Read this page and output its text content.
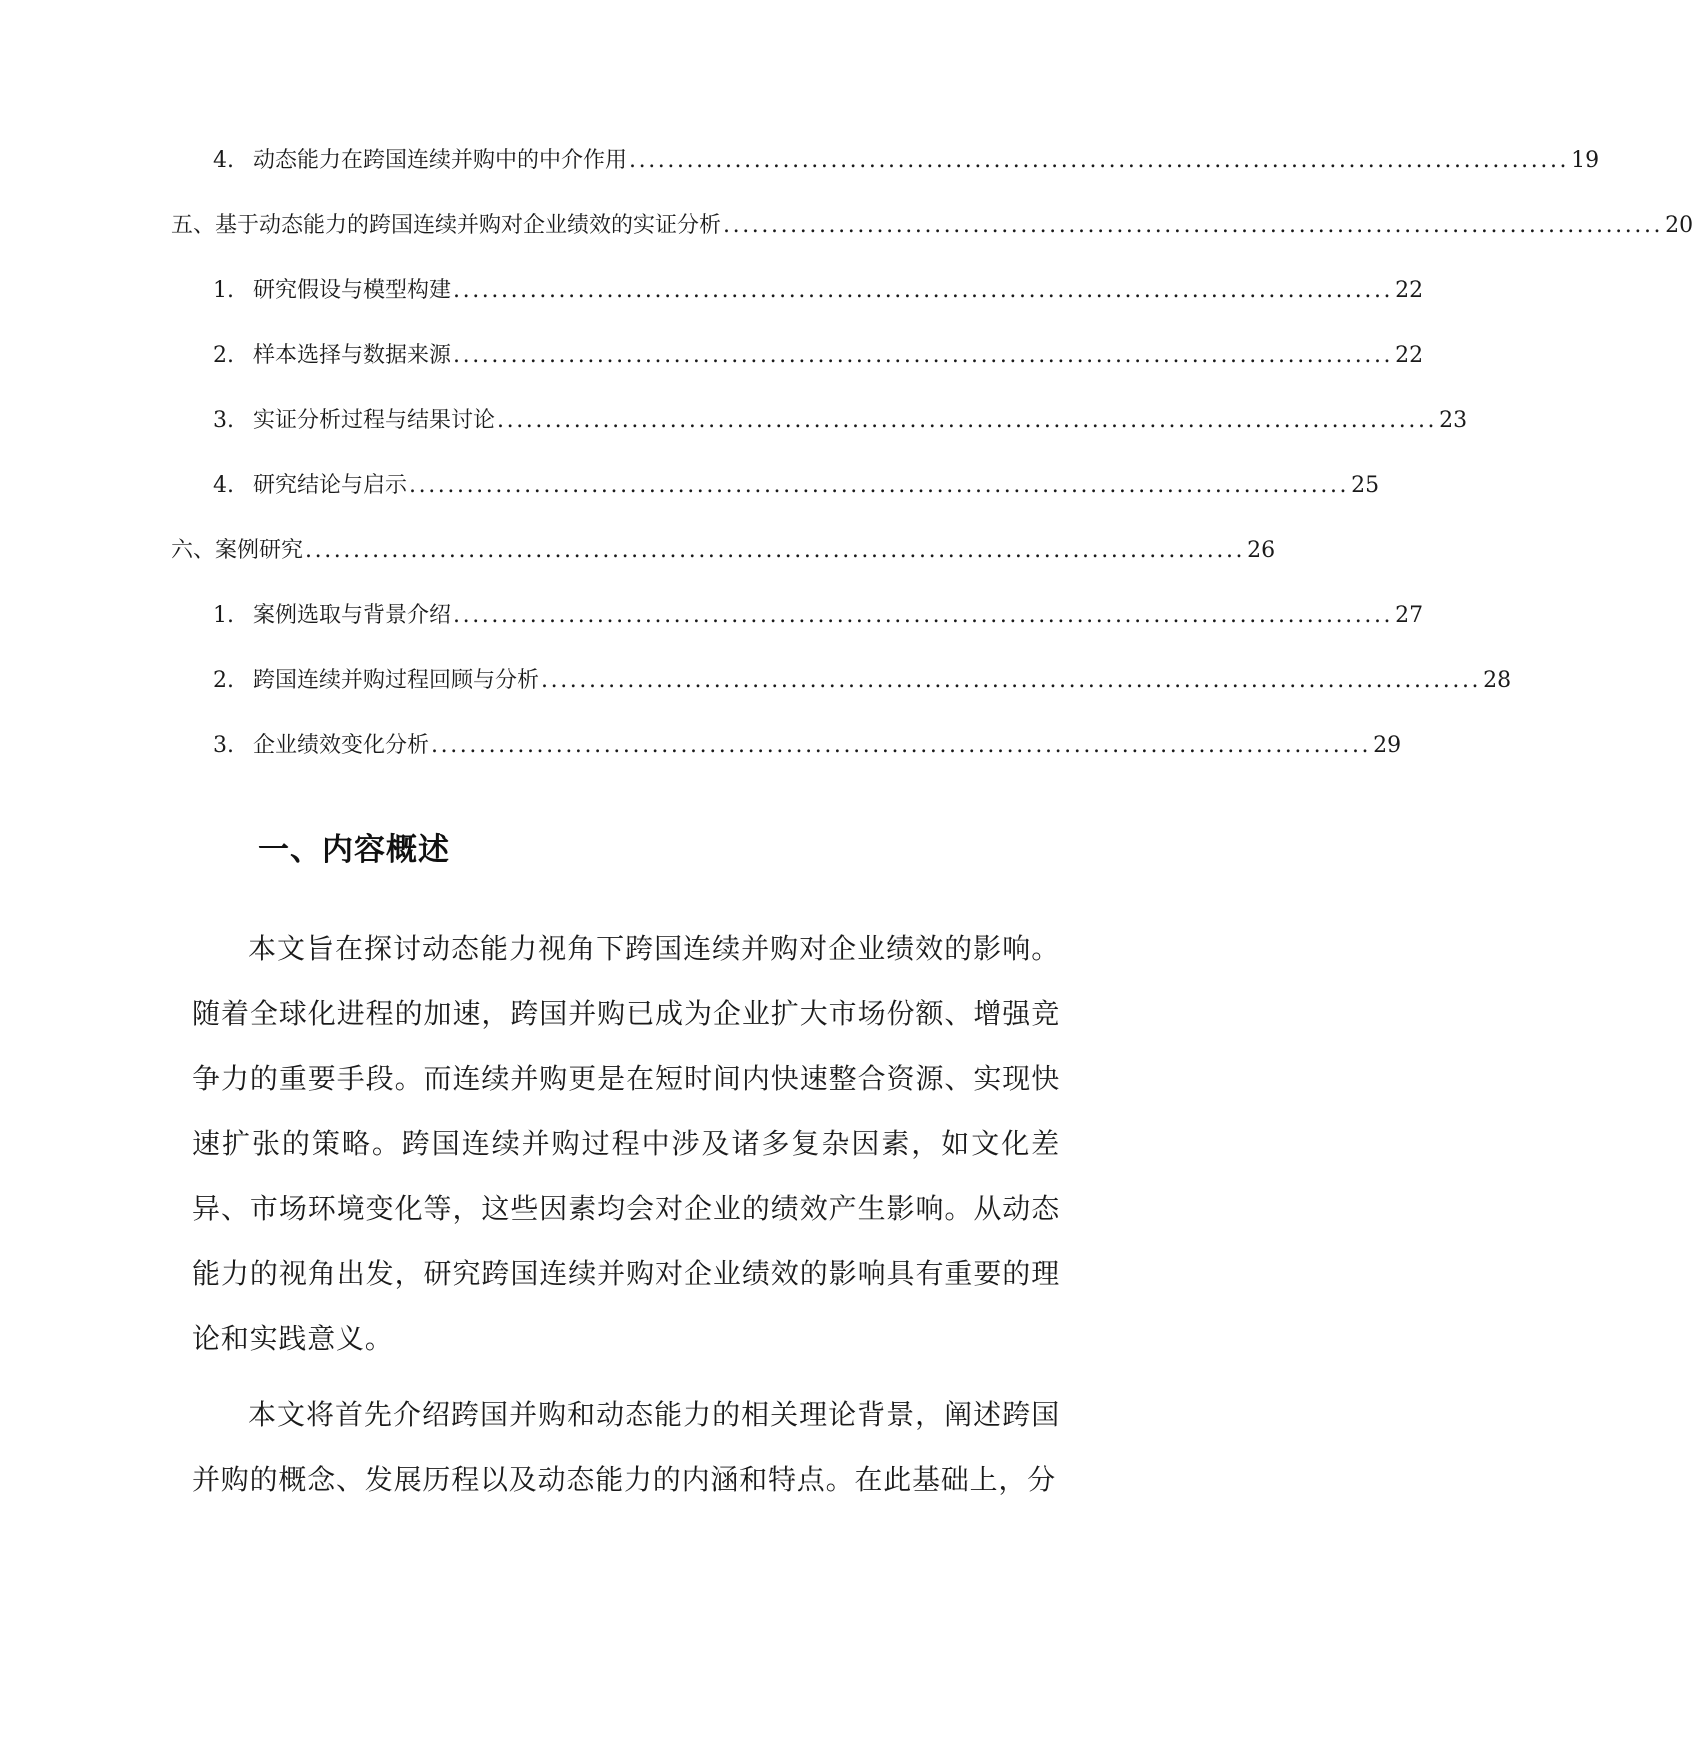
4. 动态能力在跨国连续并购中的中介作用 .................................................................................................. 19
五、基于动态能力的跨国连续并购对企业绩效的实证分析 .................................................................................................. 20
1. 研究假设与模型构建 .................................................................................................. 22
2. 样本选择与数据来源 .................................................................................................. 22
3. 实证分析过程与结果讨论 .................................................................................................. 23
4. 研究结论与启示 .................................................................................................. 25
六、案例研究 .................................................................................................. 26
1. 案例选取与背景介绍 .................................................................................................. 27
2. 跨国连续并购过程回顾与分析 .................................................................................................. 28
3. 企业绩效变化分析 .................................................................................................. 29
一、内容概述

本文旨在探讨动态能力视角下跨国连续并购对企业绩效的影响。随着全球化进程的加速，跨国并购已成为企业扩大市场份额、增强竞争力的重要手段。而连续并购更是在短时间内快速整合资源、实现快速扩张的策略。跨国连续并购过程中涉及诸多复杂因素，如文化差异、市场环境变化等，这些因素均会对企业的绩效产生影响。从动态能力的视角出发，研究跨国连续并购对企业绩效的影响具有重要的理论和实践意义。

本文将首先介绍跨国并购和动态能力的相关理论背景，阐述跨国并购的概念、发展历程以及动态能力的内涵和特点。在此基础上，分
